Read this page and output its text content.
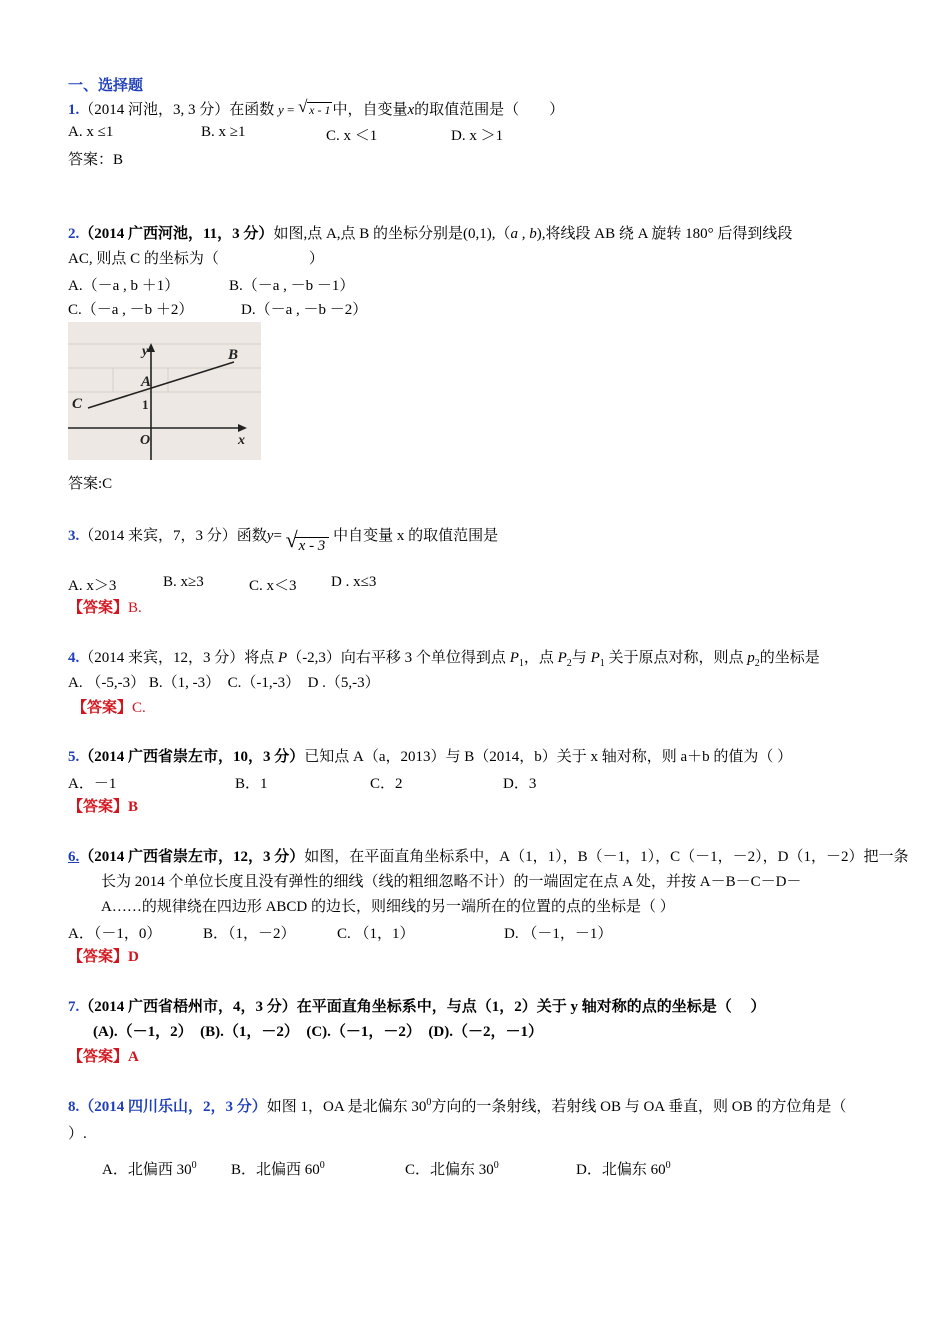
一、选择题
1.（2014 河池，3, 3 分）在函数 y = √ x - 1 中，自变量x的取值范围是（　　）
A. x ≤1	B. x ≥1	C. x ＜1	D. x ＞1
答案：B
2.（2014 广西河池，11，3 分）如图,点 A,点 B 的坐标分别是(0,1),（a , b),将线段 AB 绕 A 旋转 180° 后得到线段
AC, 则点 C 的坐标为（　　　　　　）
A.（－a , b ＋1）	B.（－a , －b －1）
C.（－a , －b ＋2）	D.（－a , －b －2）
y	B
A
1
C
O	x
答案:C
3.（2014 来宾，7，3 分）函数y= √ x - 3 中自变量 x 的取值范围是
A. x＞3	B. x≥3	C. x＜3 D . x≤3
【答案】B.
4.（2014 来宾，12，3 分）将点 P（-2,3）向右平移 3 个单位得到点 $P_1$，点 $P_2$与 $P_1$ 关于原点对称，则点 $p_2$的坐标是
A. （-5,-3） B.（1, -3）　C.（-1,-3）　D .（5,-3）
【答案】C.
5.（2014 广西省崇左市，10，3 分）已知点 A（a，2013）与 B（2014，b）关于 x 轴对称，则 a＋b 的值为（ ）
A．－1	B．1	C．2	D．3
【答案】B
6.（2014 广西省崇左市，12，3 分）如图，在平面直角坐标系中，A（1，1），B（－1，1），C（－1，－2），D（1，－2）把一条
长为 2014 个单位长度且没有弹性的细线（线的粗细忽略不计）的一端固定在点 A 处，并按 A－B－C－D－
A……的规律绕在四边形 ABCD 的边长，则细线的另一端所在的位置的点的坐标是（ ）
A．（－1，0）	B．（1，－2）	C. （1，1）	D. （－1，－1）
【答案】D
7.（2014 广西省梧州市，4，3 分）在平面直角坐标系中，与点（1，2）关于 y 轴对称的点的坐标是（　 ）
(A).（－1，2）　(B).（1，－2）　(C).（－1，－2）　(D).（－2，－1）
【答案】A
8.（2014 四川乐山，2，3 分）如图 1，OA 是北偏东 $30^0$方向的一条射线，若射线 OB 与 OA 垂直，则 OB 的方位角是（
）.
A．北偏西 $30^0$ B．北偏西 $60^0$	C．北偏东 $30^0$	D．北偏东 $60^0$
